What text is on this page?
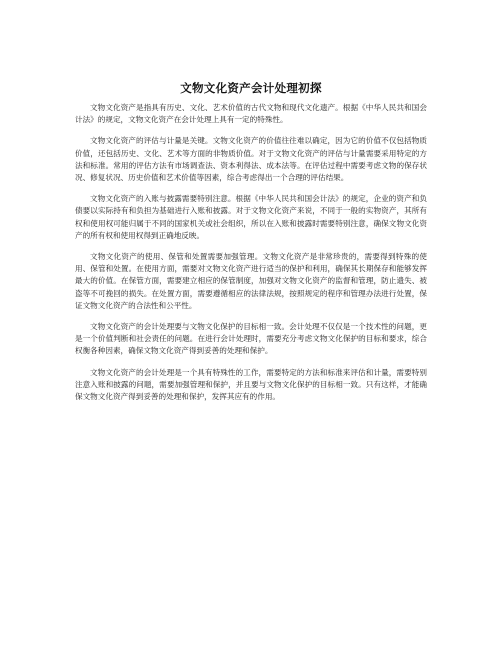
文物文化资产会计处理初探

文物文化资产是指具有历史、文化、艺术价值的古代文物和现代文化遗产。根据《中华人民共和国会计法》的规定，文物文化资产在会计处理上具有一定的特殊性。

文物文化资产的评估与计量是关键。文物文化资产的价值往往难以确定，因为它的价值不仅包括物质价值，还包括历史、文化、艺术等方面的非物质价值。对于文物文化资产的评估与计量需要采用特定的方法和标准。常用的评估方法有市场调查法、资本利得法、成本法等。在评估过程中需要考虑文物的保存状况、修复状况、历史价值和艺术价值等因素，综合考虑得出一个合理的评估结果。

文物文化资产的入账与披露需要特别注意。根据《中华人民共和国会计法》的规定，企业的资产和负债要以实际持有和负担为基础进行入账和披露。对于文物文化资产来说，不同于一般的实物资产，其所有权和使用权可能归属于不同的国家机关或社会组织，所以在入账和披露时需要特别注意，确保文物文化资产的所有权和使用权得到正确地反映。

文物文化资产的使用、保管和处置需要加强管理。文物文化资产是非常珍贵的，需要得到特殊的使用、保管和处置。在使用方面，需要对文物文化资产进行适当的保护和利用，确保其长期保存和能够发挥最大的价值。在保管方面，需要建立相应的保管制度，加强对文物文化资产的监督和管理，防止遗失、被盗等不可挽回的损失。在处置方面，需要遵循相应的法律法规，按照规定的程序和管理办法进行处置，保证文物文化资产的合法性和公平性。

文物文化资产的会计处理要与文物文化保护的目标相一致。会计处理不仅仅是一个技术性的问题，更是一个价值判断和社会责任的问题。在进行会计处理时，需要充分考虑文物文化保护的目标和要求，综合权衡各种因素，确保文物文化资产得到妥善的处理和保护。

文物文化资产的会计处理是一个具有特殊性的工作，需要特定的方法和标准来评估和计量，需要特别注意入账和披露的问题，需要加强管理和保护，并且要与文物文化保护的目标相一致。只有这样，才能确保文物文化资产得到妥善的处理和保护，发挥其应有的作用。
